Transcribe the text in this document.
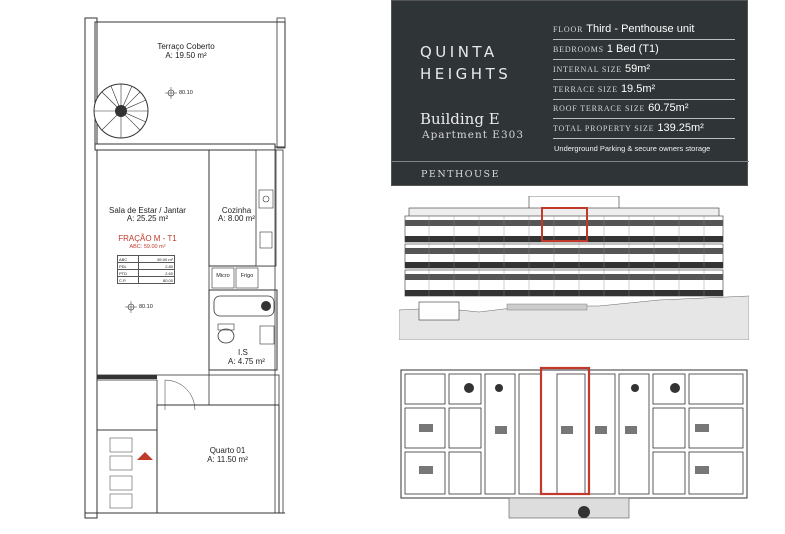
Terraço Coberto
A: 19.50 m²
80.10
Sala de Estar / Jantar
A: 25.25 m²
Cozinha
A: 8.00 m²
FRAÇÃO M - T1
ABC: 59.00 m²
ABC	59.00 m²
PDL	2.80
PTD	2.60
C.P.	80.00
Micro	Frigo
80.10
I.S
A: 4.75 m²
Quarto 01
A: 11.50 m²
QUINTA
HEIGHTS
Building E
Apartment E303
FLOOR Third - Penthouse unit
BEDROOMS 1 Bed (T1)
INTERNAL SIZE 59m²
TERRACE SIZE 19.5m²
ROOF TERRACE SIZE 60.75m²
TOTAL PROPERTY SIZE 139.25m²
Underground Parking & secure owners storage
PENTHOUSE
